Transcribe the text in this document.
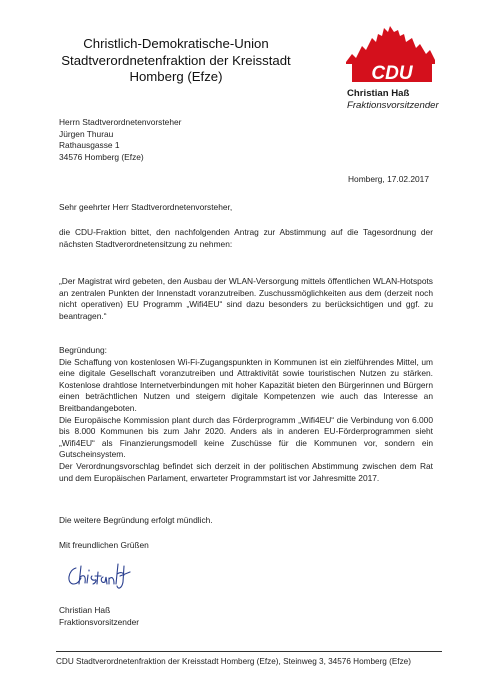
Christlich-Demokratische-Union
Stadtverordnetenfraktion der Kreisstadt
Homberg (Efze)	CDU
Christian Haß
Fraktionsvorsitzender
Herrn Stadtverordnetenvorsteher
Jürgen Thurau
Rathausgasse 1
34576 Homberg (Efze)
Homberg, 17.02.2017
Sehr geehrter Herr Stadtverordnetenvorsteher,
die CDU-Fraktion bittet, den nachfolgenden Antrag zur Abstimmung auf die Tagesordnung der nächsten Stadtverordnetensitzung zu nehmen:
„Der Magistrat wird gebeten, den Ausbau der WLAN-Versorgung mittels öffentlichen WLAN-Hotspots an zentralen Punkten der Innenstadt voranzutreiben. Zuschussmöglichkeiten aus dem (derzeit noch nicht operativen) EU Programm „Wifi4EU“ sind dazu besonders zu berücksichtigen und ggf. zu beantragen.“
Begründung:
Die Schaffung von kostenlosen Wi-Fi-Zugangspunkten in Kommunen ist ein zielführendes Mittel, um eine digitale Gesellschaft voranzutreiben und Attraktivität sowie touristischen Nutzen zu stärken. Kostenlose drahtlose Internetverbindungen mit hoher Kapazität bieten den Bürgerinnen und Bürgern einen beträchtlichen Nutzen und steigern digitale Kompetenzen wie auch das Interesse an Breitbandangeboten.
Die Europäische Kommission plant durch das Förderprogramm „Wifi4EU“ die Verbindung von 6.000 bis 8.000 Kommunen bis zum Jahr 2020. Anders als in anderen EU-Förderprogrammen sieht „Wifi4EU“ als Finanzierungsmodell keine Zuschüsse für die Kommunen vor, sondern ein Gutscheinsystem.
Der Verordnungsvorschlag befindet sich derzeit in der politischen Abstimmung zwischen dem Rat und dem Europäischen Parlament, erwarteter Programmstart ist vor Jahresmitte 2017.
Die weitere Begründung erfolgt mündlich.
Mit freundlichen Grüßen
Christian Haß
Fraktionsvorsitzender
CDU Stadtverordnetenfraktion der Kreisstadt Homberg (Efze), Steinweg 3, 34576 Homberg (Efze)
